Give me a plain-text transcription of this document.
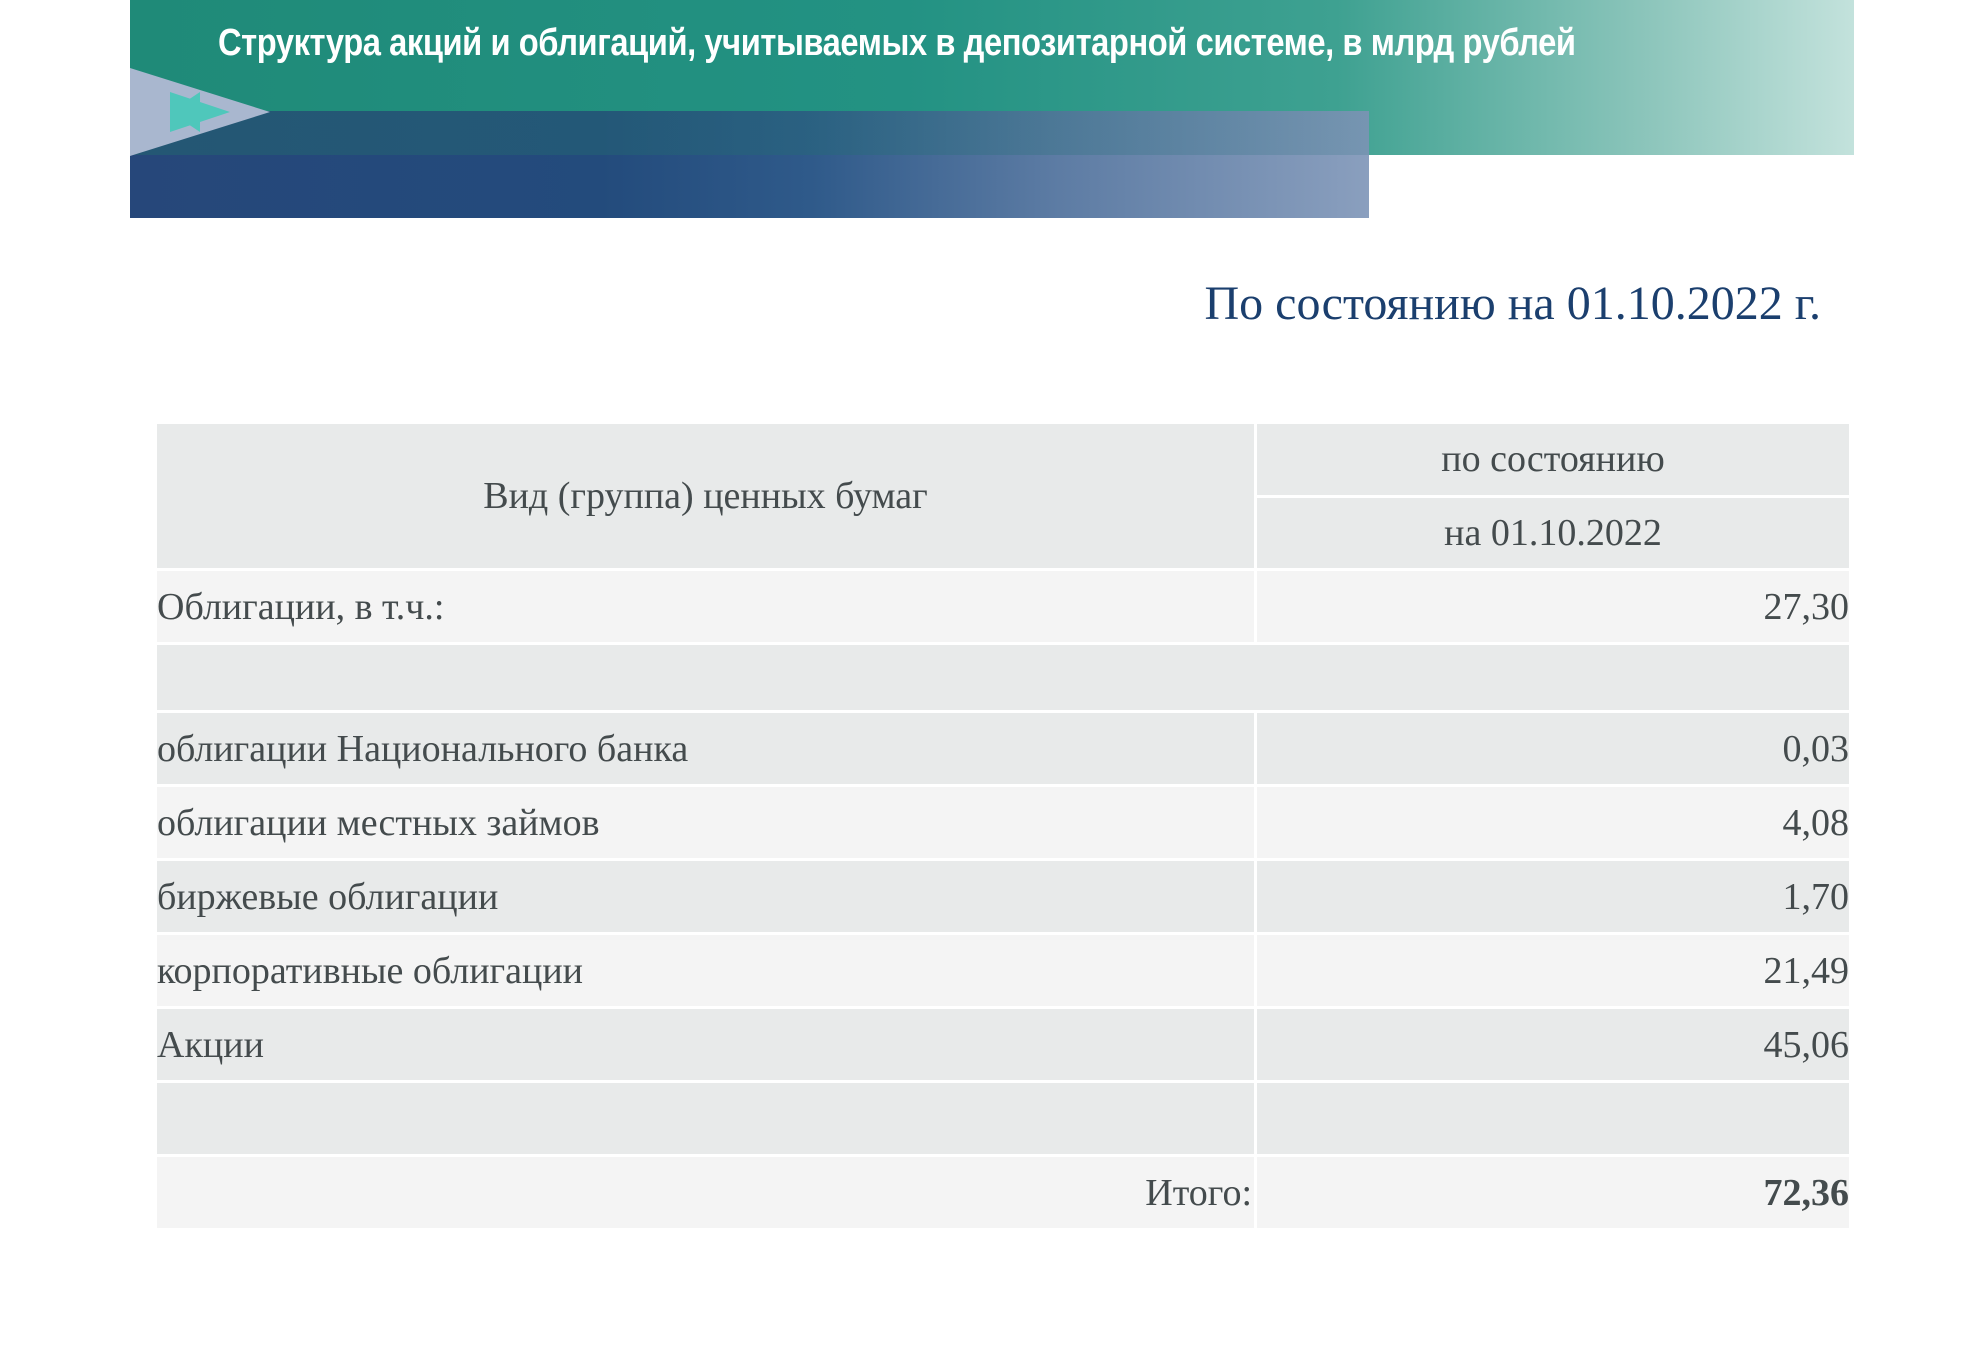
Структура акций и облигаций, учитываемых в депозитарной системе, в млрд рублей
По состоянию на 01.10.2022 г.
Вид (группа) ценных бумаг	по состоянию
	на 01.10.2022
Облигации, в т.ч.:	27,30

облигации Национального банка	0,03
облигации местных займов	4,08
биржевые облигации	1,70
корпоративные облигации	21,49
Акции	45,06

Итого:	72,36
